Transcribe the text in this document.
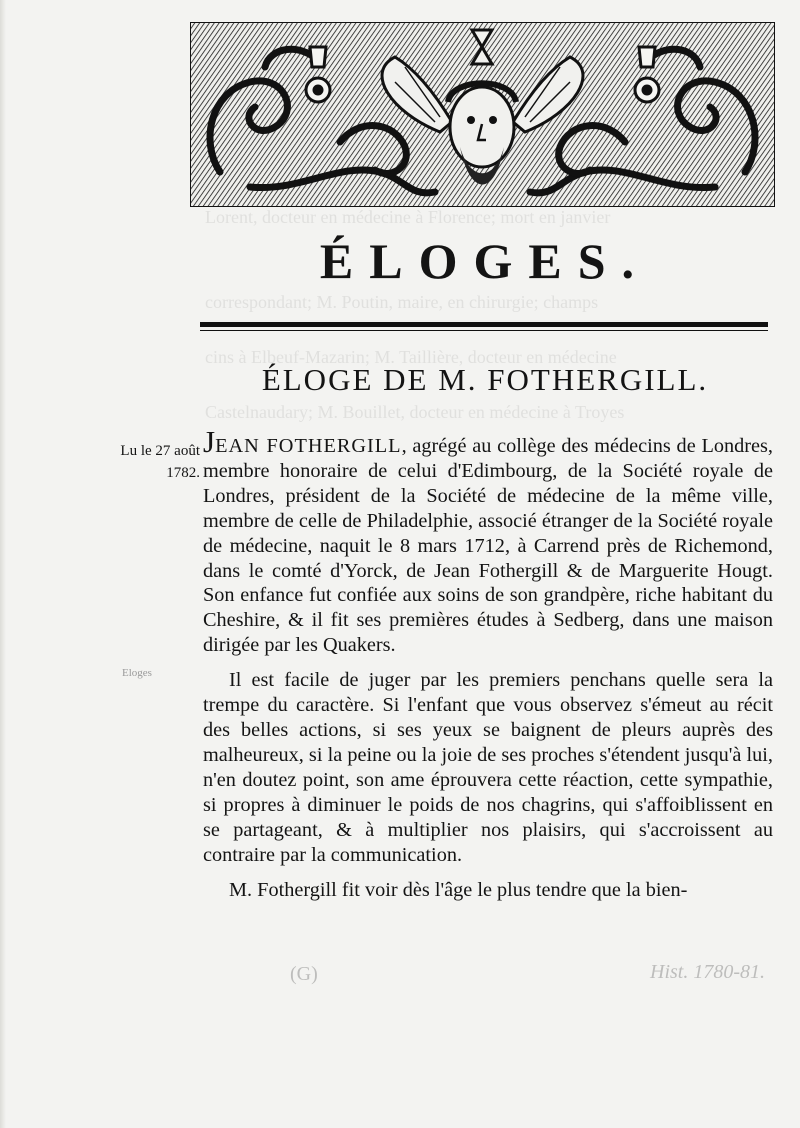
Lorent, docteur en médecine à Florence; mort en janvier
correspondant; M. Poutin, maire, en chirurgie; champs
cins à Elbeuf-Mazarin; M. Taillière, docteur en médecine
Castelnaudary; M. Bouillet, docteur en médecine à Troyes
ÉLOGES.
ÉLOGE DE M. FOTHERGILL.
Lu le 27 août
1782.
Eloges

JEAN FOTHERGILL, agrégé au collège des médecins de Londres, membre honoraire de celui d'Edimbourg, de la Société royale de Londres, président de la Société de médecine de la même ville, membre de celle de Philadelphie, associé étranger de la Société royale de médecine, naquit le 8 mars 1712, à Carrend près de Richemond, dans le comté d'Yorck, de Jean Fothergill & de Marguerite Hougt. Son enfance fut confiée aux soins de son grandpère, riche habitant du Cheshire, & il fit ses premières études à Sedberg, dans une maison dirigée par les Quakers.

Il est facile de juger par les premiers penchans quelle sera la trempe du caractère. Si l'enfant que vous observez s'émeut au récit des belles actions, si ses yeux se baignent de pleurs auprès des malheureux, si la peine ou la joie de ses proches s'étendent jusqu'à lui, n'en doutez point, son ame éprouvera cette réaction, cette sympathie, si propres à diminuer le poids de nos chagrins, qui s'affoiblissent en se partageant, & à multiplier nos plaisirs, qui s'accroissent au contraire par la communication.

M. Fothergill fit voir dès l'âge le plus tendre que la bien-

(G)	Hist. 1780-81.
